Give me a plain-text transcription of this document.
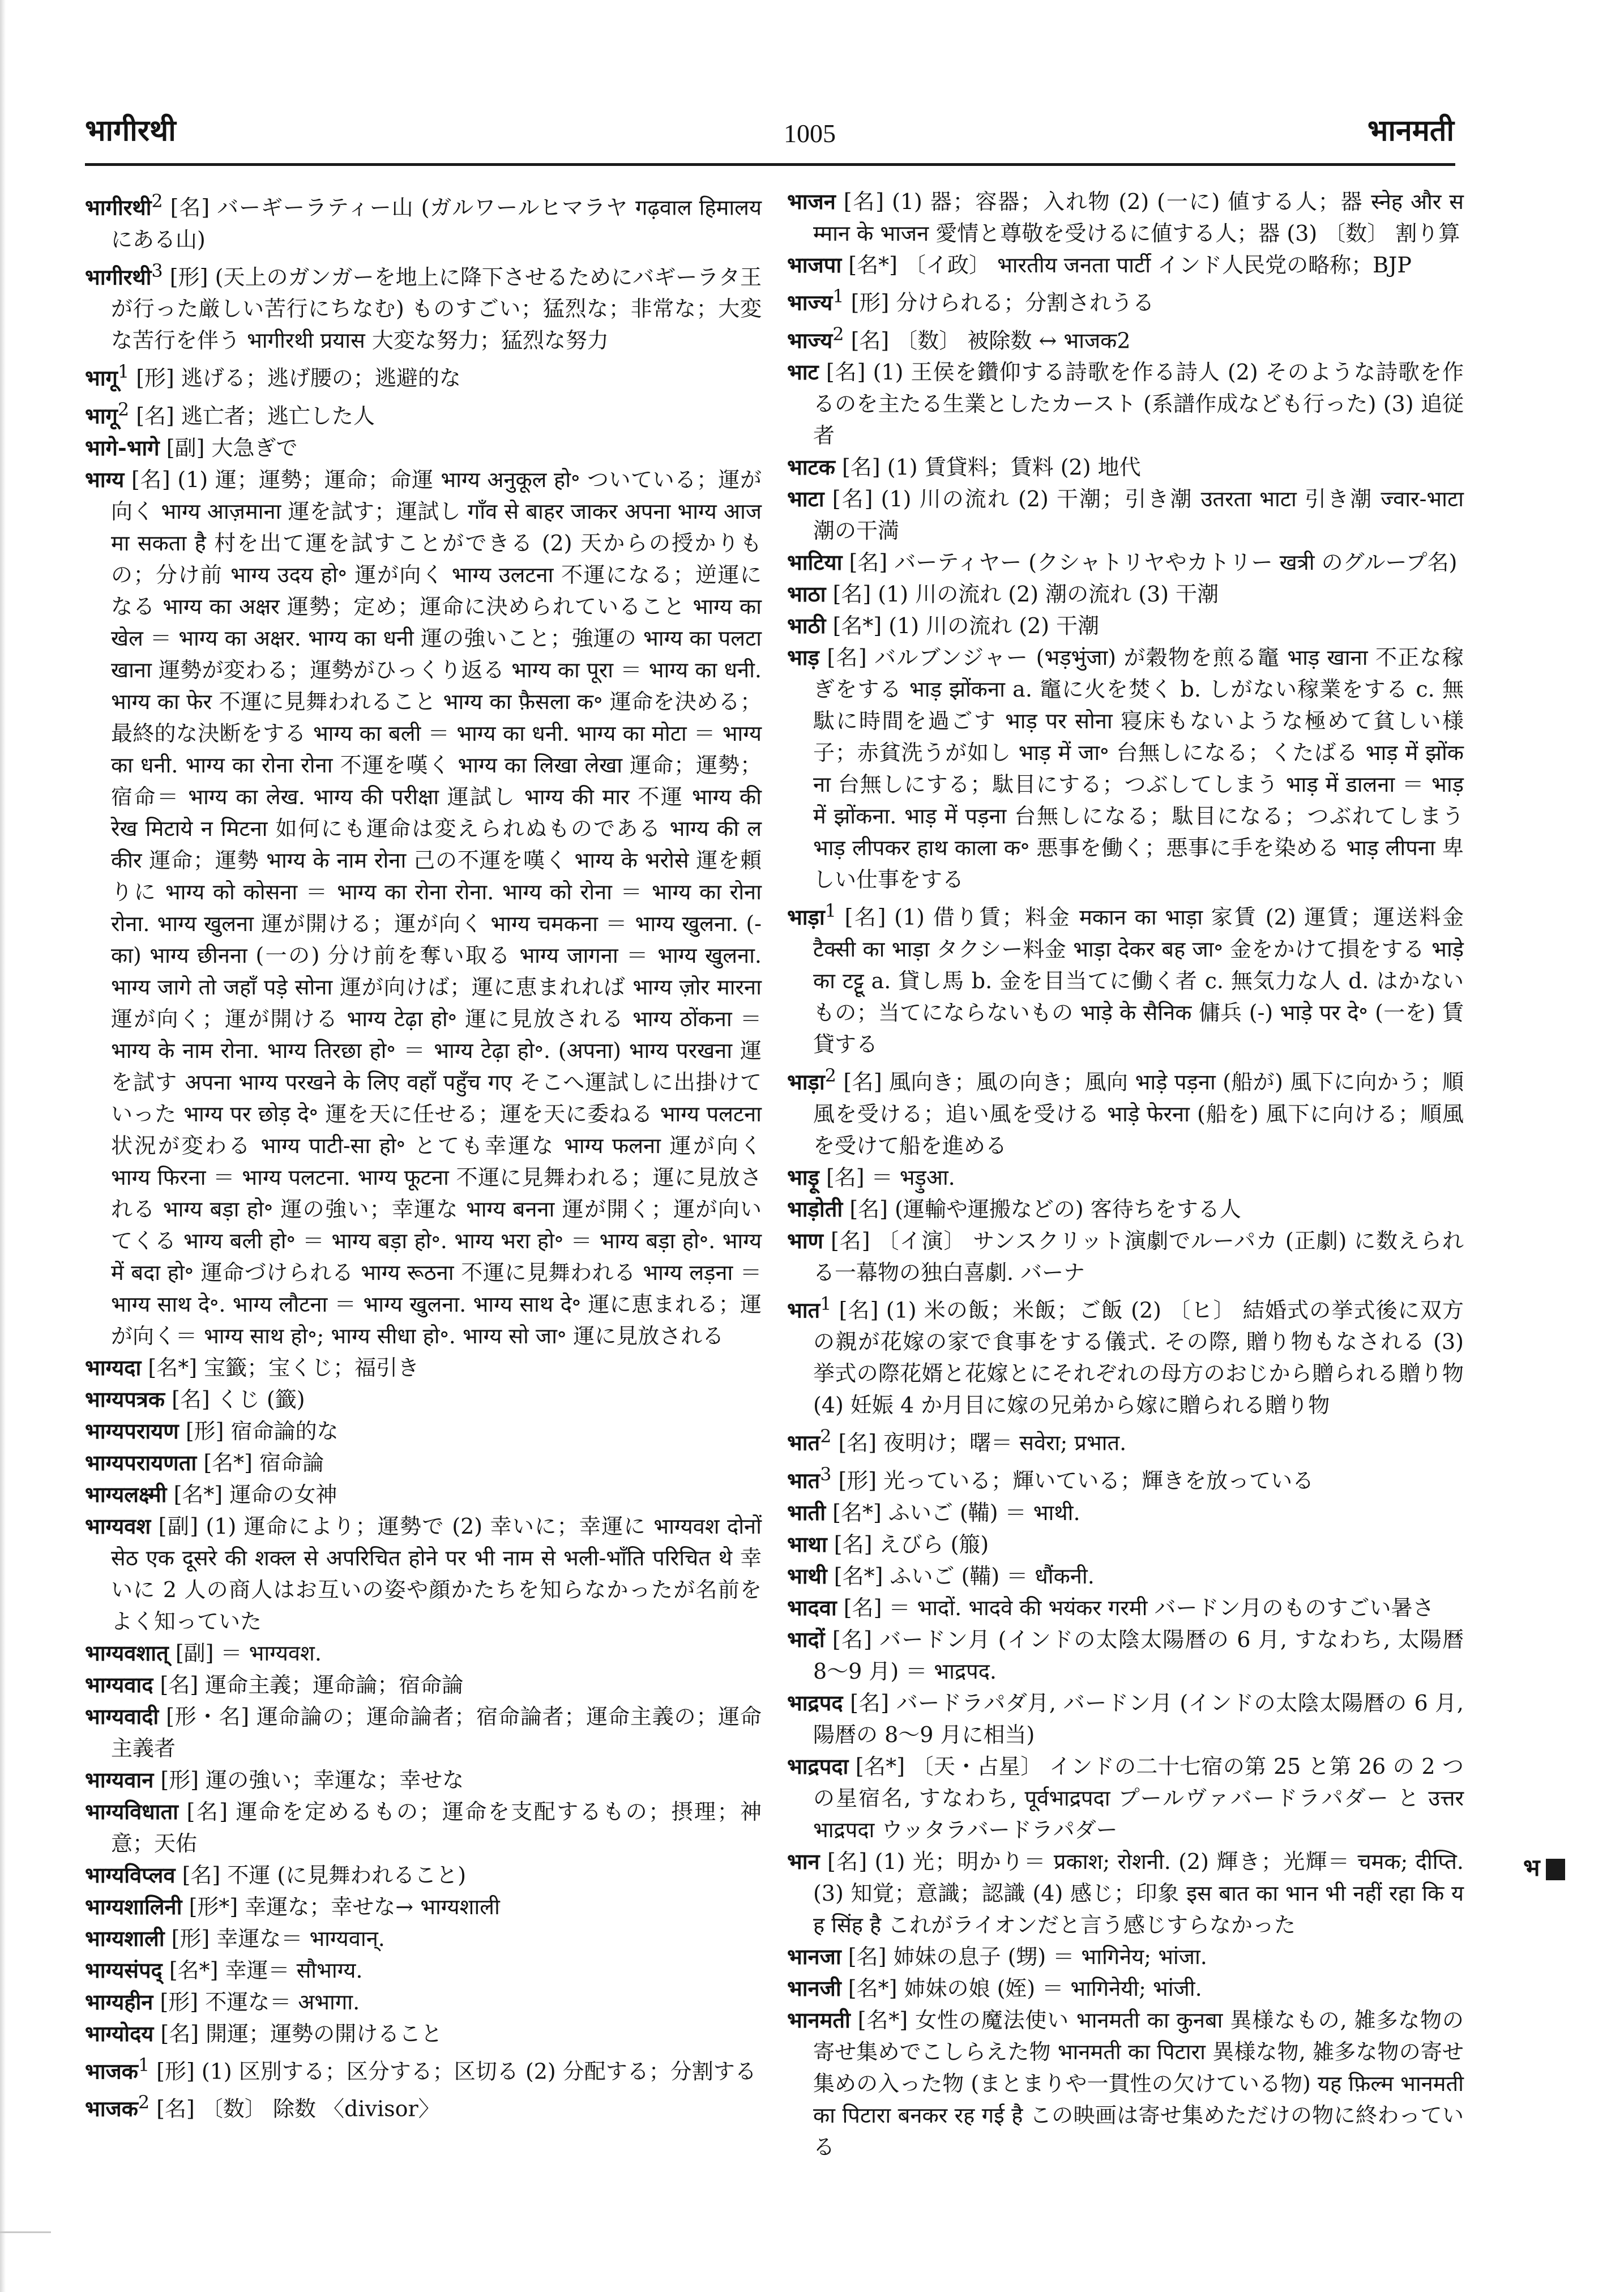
भागीरथी	1005	भानमती

भागीरथी$^2$ [名] バーギーラティー山 (ガルワールヒマラヤ गढ़वाल हिमालय にある山)

भागीरथी$^3$ [形] (天上のガンガーを地上に降下させるためにバギーラタ王が行った厳しい苦行にちなむ) ものすごい；猛烈な；非常な；大変な苦行を伴う भागीरथी प्रयास 大変な努力；猛烈な努力

भागू$^1$ [形] 逃げる；逃げ腰の；逃避的な

भागू$^2$ [名] 逃亡者；逃亡した人

भागे-भागे [副] 大急ぎで

भाग्य [名] (1) 運；運勢；運命；命運 भाग्य अनुकूल हो॰ ついている；運が向く भाग्य आज़माना 運を試す；運試し गाँव से बाहर जाकर अपना भाग्य आजमा सकता है 村を出て運を試すことができる (2) 天からの授かりもの；分け前 भाग्य उदय हो॰ 運が向く भाग्य उलटना 不運になる；逆運になる भाग्य का अक्षर 運勢；定め；運命に決められていること भाग्य का खेल ＝ भाग्य का अक्षर. भाग्य का धनी 運の強いこと；強運の भाग्य का पलटा खाना 運勢が変わる；運勢がひっくり返る भाग्य का पूरा ＝ भाग्य का धनी. भाग्य का फेर 不運に見舞われること भाग्य का फ़ैसला क॰ 運命を決める；最終的な決断をする भाग्य का बली ＝ भाग्य का धनी. भाग्य का मोटा ＝ भाग्य का धनी. भाग्य का रोना रोना 不運を嘆く भाग्य का लिखा लेखा 運命；運勢；宿命＝ भाग्य का लेख. भाग्य की परीक्षा 運試し भाग्य की मार 不運 भाग्य की रेख मिटाये न मिटना 如何にも運命は変えられぬものである भाग्य की लकीर 運命；運勢 भाग्य के नाम रोना 己の不運を嘆く भाग्य के भरोसे 運を頼りに भाग्य को कोसना ＝ भाग्य का रोना रोना. भाग्य को रोना ＝ भाग्य का रोना रोना. भाग्य खुलना 運が開ける；運が向く भाग्य चमकना ＝ भाग्य खुलना. (-का) भाग्य छीनना (一の) 分け前を奪い取る भाग्य जागना ＝ भाग्य खुलना. भाग्य जागे तो जहाँ पड़े सोना 運が向けば；運に恵まれれば भाग्य ज़ोर मारना 運が向く；運が開ける भाग्य टेढ़ा हो॰ 運に見放される भाग्य ठोंकना ＝ भाग्य के नाम रोना. भाग्य तिरछा हो॰ ＝ भाग्य टेढ़ा हो॰. (अपना) भाग्य परखना 運を試す अपना भाग्य परखने के लिए वहाँ पहुँच गए そこへ運試しに出掛けていった भाग्य पर छोड़ दे॰ 運を天に任せる；運を天に委ねる भाग्य पलटना 状況が変わる भाग्य पाटी-सा हो॰ とても幸運な भाग्य फलना 運が向く भाग्य फिरना ＝ भाग्य पलटना. भाग्य फूटना 不運に見舞われる；運に見放される भाग्य बड़ा हो॰ 運の強い；幸運な भाग्य बनना 運が開く；運が向いてくる भाग्य बली हो॰ ＝ भाग्य बड़ा हो॰. भाग्य भरा हो॰ ＝ भाग्य बड़ा हो॰. भाग्य में बदा हो॰ 運命づけられる भाग्य रूठना 不運に見舞われる भाग्य लड़ना ＝ भाग्य साथ दे॰. भाग्य लौटना ＝ भाग्य खुलना. भाग्य साथ दे॰ 運に恵まれる；運が向く＝ भाग्य साथ हो॰; भाग्य सीधा हो॰. भाग्य सो जा॰ 運に見放される

भाग्यदा [名*] 宝籤；宝くじ；福引き

भाग्यपत्रक [名] くじ (籤)

भाग्यपरायण [形] 宿命論的な

भाग्यपरायणता [名*] 宿命論

भाग्यलक्ष्मी [名*] 運命の女神

भाग्यवश [副] (1) 運命により；運勢で (2) 幸いに；幸運に भाग्यवश दोनों सेठ एक दूसरे की शक्ल से अपरिचित होने पर भी नाम से भली-भाँति परिचित थे 幸いに 2 人の商人はお互いの姿や顔かたちを知らなかったが名前をよく知っていた

भाग्यवशात् [副] ＝ भाग्यवश.

भाग्यवाद [名] 運命主義；運命論；宿命論

भाग्यवादी [形・名] 運命論の；運命論者；宿命論者；運命主義の；運命主義者

भाग्यवान [形] 運の強い；幸運な；幸せな

भाग्यविधाता [名] 運命を定めるもの；運命を支配するもの；摂理；神意；天佑

भाग्यविप्लव [名] 不運 (に見舞われること)

भाग्यशालिनी [形*] 幸運な；幸せな→ भाग्यशाली

भाग्यशाली [形] 幸運な＝ भाग्यवान्.

भाग्यसंपद् [名*] 幸運＝ सौभाग्य.

भाग्यहीन [形] 不運な＝ अभागा.

भाग्योदय [名] 開運；運勢の開けること

भाजक$^1$ [形] (1) 区別する；区分する；区切る (2) 分配する；分割する

भाजक$^2$ [名] 〔数〕 除数 〈divisor〉

भाजन [名] (1) 器；容器；入れ物 (2) (一に) 値する人；器 स्नेह और सम्मान के भाजन 愛情と尊敬を受けるに値する人；器 (3) 〔数〕 割り算

भाजपा [名*] 〔イ政〕 भारतीय जनता पार्टी インド人民党の略称；BJP

भाज्य$^1$ [形] 分けられる；分割されうる

भाज्य$^2$ [名] 〔数〕 被除数 ↔ भाजक2

भाट [名] (1) 王侯を鑽仰する詩歌を作る詩人 (2) そのような詩歌を作るのを主たる生業としたカースト (系譜作成なども行った) (3) 追従者

भाटक [名] (1) 賃貸料；賃料 (2) 地代

भाटा [名] (1) 川の流れ (2) 干潮；引き潮 उतरता भाटा 引き潮 ज्वार-भाटा 潮の干満

भाटिया [名] バーティヤー (クシャトリヤやカトリー खत्री のグループ名)

भाठा [名] (1) 川の流れ (2) 潮の流れ (3) 干潮

भाठी [名*] (1) 川の流れ (2) 干潮

भाड़ [名] バルブンジャー (भड़भुंजा) が穀物を煎る竈 भाड़ खाना 不正な稼ぎをする भाड़ झोंकना a. 竈に火を焚く b. しがない稼業をする c. 無駄に時間を過ごす भाड़ पर सोना 寝床もないような極めて貧しい様子；赤貧洗うが如し भाड़ में जा॰ 台無しになる；くたばる भाड़ में झोंकना 台無しにする；駄目にする；つぶしてしまう भाड़ में डालना ＝ भाड़ में झोंकना. भाड़ में पड़ना 台無しになる；駄目になる；つぶれてしまう भाड़ लीपकर हाथ काला क॰ 悪事を働く；悪事に手を染める भाड़ लीपना 卑しい仕事をする

भाड़ा$^1$ [名] (1) 借り賃；料金 मकान का भाड़ा 家賃 (2) 運賃；運送料金 टैक्सी का भाड़ा タクシー料金 भाड़ा देकर बह जा॰ 金をかけて損をする भाड़े का टट्टू a. 貸し馬 b. 金を目当てに働く者 c. 無気力な人 d. はかないもの；当てにならないもの भाड़े के सैनिक 傭兵 (-) भाड़े पर दे॰ (一を) 賃貸する

भाड़ा$^2$ [名] 風向き；風の向き；風向 भाड़े पड़ना (船が) 風下に向かう；順風を受ける；追い風を受ける भाड़े फेरना (船を) 風下に向ける；順風を受けて船を進める

भाड़ू [名] ＝ भड़ुआ.

भाड़ोती [名] (運輸や運搬などの) 客待ちをする人

भाण [名] 〔イ演〕 サンスクリット演劇でルーパカ (正劇) に数えられる一幕物の独白喜劇. バーナ

भात$^1$ [名] (1) 米の飯；米飯；ご飯 (2) 〔ヒ〕 結婚式の挙式後に双方の親が花嫁の家で食事をする儀式. その際, 贈り物もなされる (3) 挙式の際花婿と花嫁とにそれぞれの母方のおじから贈られる贈り物 (4) 妊娠 4 か月目に嫁の兄弟から嫁に贈られる贈り物

भात$^2$ [名] 夜明け；曙＝ सवेरा; प्रभात.

भात$^3$ [形] 光っている；輝いている；輝きを放っている

भाती [名*] ふいご (鞴) ＝ भाथी.

भाथा [名] えびら (箙)

भाथी [名*] ふいご (鞴) ＝ धौंकनी.

भादवा [名] ＝ भादों. भादवे की भयंकर गरमी バードン月のものすごい暑さ

भादों [名] バードン月 (インドの太陰太陽暦の 6 月, すなわち, 太陽暦 8〜9 月) ＝ भाद्रपद.

भाद्रपद [名] バードラパダ月, バードン月 (インドの太陰太陽暦の 6 月, 陽暦の 8〜9 月に相当)

भाद्रपदा [名*] 〔天・占星〕 インドの二十七宿の第 25 と第 26 の 2 つの星宿名, すなわち, पूर्वभाद्रपदा プールヴァバードラパダー と उत्तर भाद्रपदा ウッタラバードラパダー

भान [名] (1) 光；明かり＝ प्रकाश; रोशनी. (2) 輝き；光輝＝ चमक; दीप्ति. (3) 知覚；意識；認識 (4) 感じ；印象 इस बात का भान भी नहीं रहा कि यह सिंह है これがライオンだと言う感じすらなかった

भानजा [名] 姉妹の息子 (甥) ＝ भागिनेय; भांजा.

भानजी [名*] 姉妹の娘 (姪) ＝ भागिनेयी; भांजी.

भानमती [名*] 女性の魔法使い भानमती का कुनबा 異様なもの, 雑多な物の寄せ集めでこしらえた物 भानमती का पिटारा 異様な物, 雑多な物の寄せ集めの入った物 (まとまりや一貫性の欠けている物) यह फ़िल्म भानमती का पिटारा बनकर रह गई है この映画は寄せ集めただけの物に終わっている

भ
